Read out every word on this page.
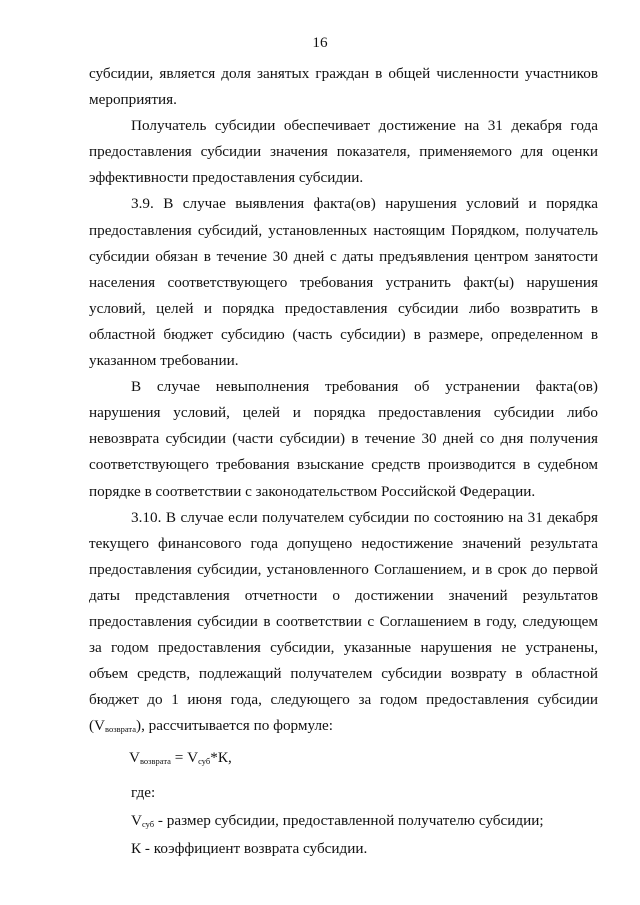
16

субсидии, является доля занятых граждан в общей численности участников мероприятия.

Получатель субсидии обеспечивает достижение на 31 декабря года предоставления субсидии значения показателя, применяемого для оценки эффективности предоставления субсидии.

3.9. В случае выявления факта(ов) нарушения условий и порядка предоставления субсидий, установленных настоящим Порядком, получатель субсидии обязан в течение 30 дней с даты предъявления центром занятости населения соответствующего требования устранить факт(ы) нарушения условий, целей и порядка предоставления субсидии либо возвратить в областной бюджет субсидию (часть субсидии) в размере, определенном в указанном требовании.

В случае невыполнения требования об устранении факта(ов) нарушения условий, целей и порядка предоставления субсидии либо невозврата субсидии (части субсидии) в течение 30 дней со дня получения соответствующего требования взыскание средств производится в судебном порядке в соответствии с законодательством Российской Федерации.

3.10. В случае если получателем субсидии по состоянию на 31 декабря текущего финансового года допущено недостижение значений результата предоставления субсидии, установленного Соглашением, и в срок до первой даты представления отчетности о достижении значений результатов предоставления субсидии в соответствии с Соглашением в году, следующем за годом предоставления субсидии, указанные нарушения не устранены, объем средств, подлежащий получателем субсидии возврату в областной бюджет до 1 июня года, следующего за годом предоставления субсидии $(V_{возврата})$, рассчитывается по формуле:

$V_{возврата} = V_{суб}*К$,

где:

$V_{суб}$ - размер субсидии, предоставленной получателю субсидии;

К - коэффициент возврата субсидии.
